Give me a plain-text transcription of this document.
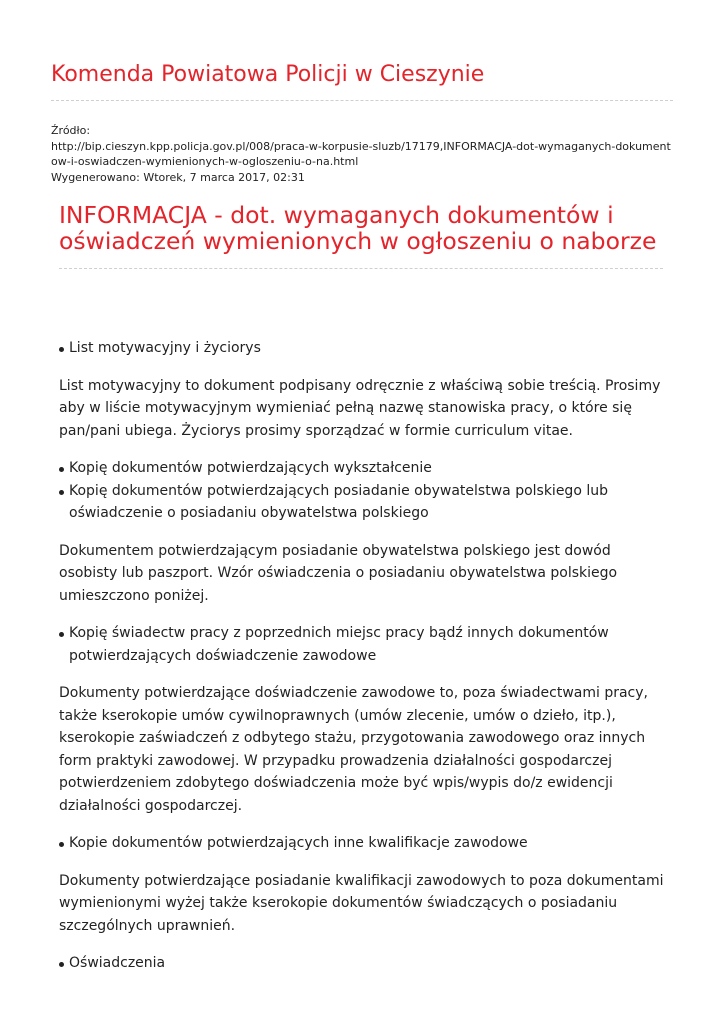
Komenda Powiatowa Policji w Cieszynie
Źródło:
http://bip.cieszyn.kpp.policja.gov.pl/008/praca-w-korpusie-sluzb/17179,INFORMACJA-dot-wymaganych-dokumentow-i-oswiadczen-wymienionych-w-ogloszeniu-o-na.html
Wygenerowano: Wtorek, 7 marca 2017, 02:31
INFORMACJA - dot. wymaganych dokumentów i oświadczeń wymienionych w ogłoszeniu o naborze
List motywacyjny i życiorys

List motywacyjny to dokument podpisany odręcznie z właściwą sobie treścią. Prosimy aby w liście motywacyjnym wymieniać pełną nazwę stanowiska pracy, o które się pan/pani ubiega. Życiorys prosimy sporządzać w formie curriculum vitae.

Kopię dokumentów potwierdzających wykształcenie
Kopię dokumentów potwierdzających posiadanie obywatelstwa polskiego lub oświadczenie o posiadaniu obywatelstwa polskiego

Dokumentem potwierdzającym posiadanie obywatelstwa polskiego jest dowód osobisty lub paszport. Wzór oświadczenia o posiadaniu obywatelstwa polskiego umieszczono poniżej.

Kopię świadectw pracy z poprzednich miejsc pracy bądź innych dokumentów potwierdzających doświadczenie zawodowe

Dokumenty potwierdzające doświadczenie zawodowe to, poza świadectwami pracy, także kserokopie umów cywilnoprawnych (umów zlecenie, umów o dzieło, itp.), kserokopie zaświadczeń z odbytego stażu, przygotowania zawodowego oraz innych form praktyki zawodowej. W przypadku prowadzenia działalności gospodarczej potwierdzeniem zdobytego doświadczenia może być wpis/wypis do/z ewidencji działalności gospodarczej.

Kopie dokumentów potwierdzających inne kwalifikacje zawodowe

Dokumenty potwierdzające posiadanie kwalifikacji zawodowych to poza dokumentami wymienionymi wyżej także kserokopie dokumentów świadczących o posiadaniu szczególnych uprawnień.

Oświadczenia
